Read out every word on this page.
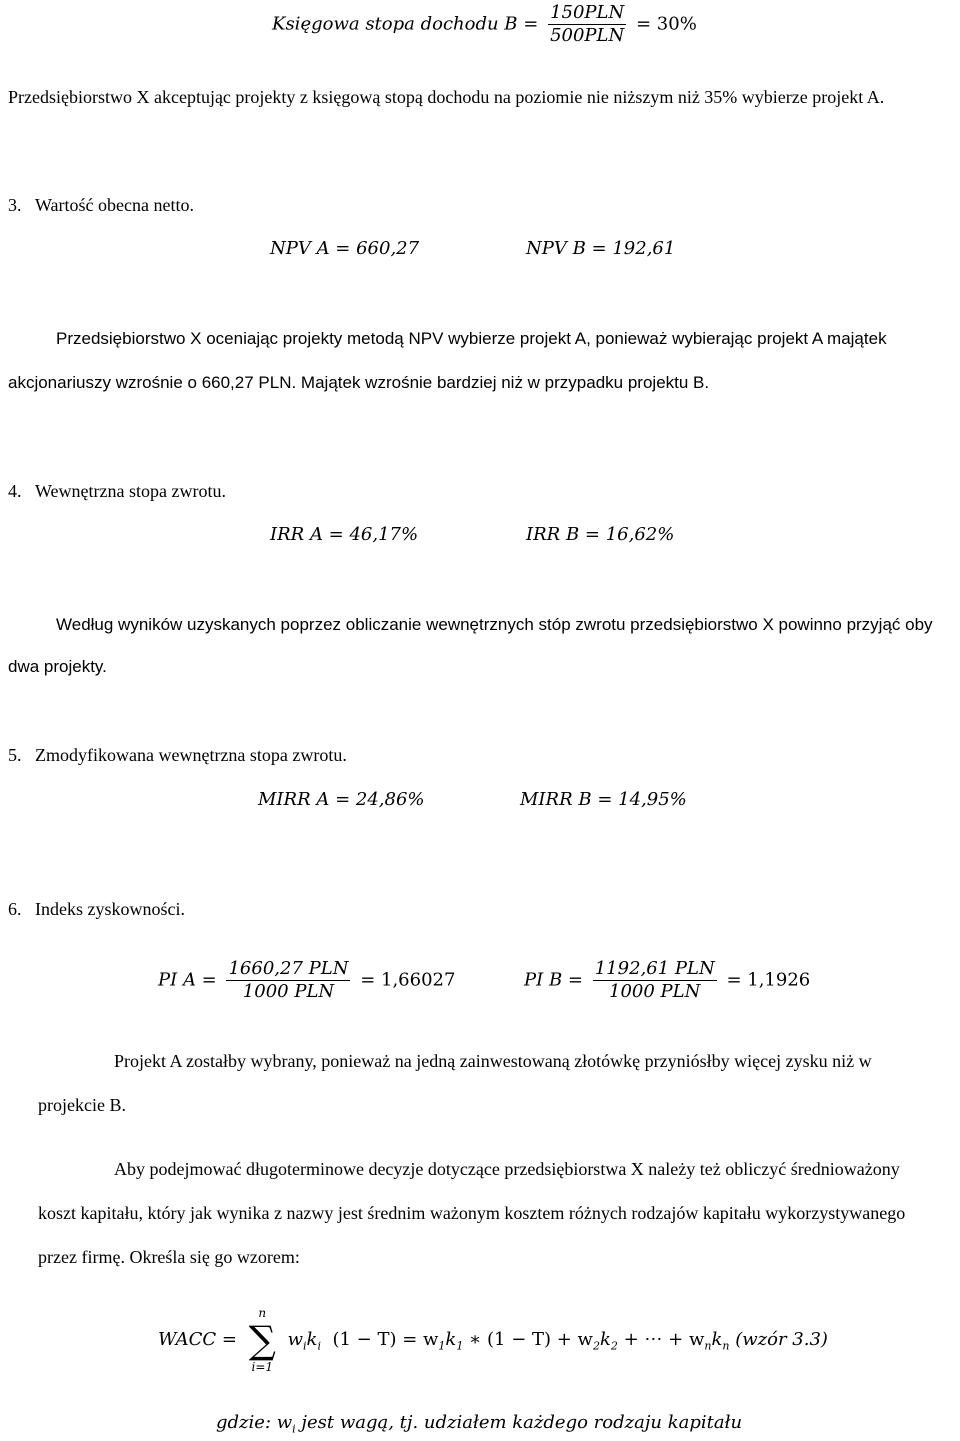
Księgowa stopa dochodu $B = \frac{\text{150PLN}}{\text{500PLN}} = 30\%$
Przedsiębiorstwo X akceptując projekty z księgową stopą dochodu na poziomie nie niższym niż 35% wybierze projekt A.
3.   Wartość obecna netto.
NPV A = 660,27	NPV B = 192,61
Przedsiębiorstwo X oceniając projekty metodą NPV wybierze projekt A, ponieważ wybierając projekt A majątek
akcjonariuszy wzrośnie o 660,27 PLN. Majątek wzrośnie bardziej niż w przypadku projektu B.
4.   Wewnętrzna stopa zwrotu.
IRR A = 46,17%	IRR B = 16,62%
Według wyników uzyskanych poprzez obliczanie wewnętrznych stóp zwrotu przedsiębiorstwo X powinno przyjąć oby
dwa projekty.
5.   Zmodyfikowana wewnętrzna stopa zwrotu.
MIRR A = 24,86%	MIRR B = 14,95%
6.   Indeks zyskowności.
PI $A = \frac{\text{1660,27 PLN}}{\text{1000 PLN}} = 1,66027$	PI $B = \frac{\text{1192,61 PLN}}{\text{1000 PLN}} = 1,1926$
Projekt A zostałby wybrany, ponieważ na jedną zainwestowaną złotówkę przyniósłby więcej zysku niż w
projekcie B.
Aby podejmować długoterminowe decyzje dotyczące przedsiębiorstwa X należy też obliczyć średnioważony
koszt kapitału, który jak wynika z nazwy jest średnim ważonym kosztem różnych rodzajów kapitału wykorzystywanego
przez firmę. Określa się go wzorem:
WACC =
n
∑
i=1
$w_ik_i$ $(1 - T) = w_1k_1$ ∗ $(1 - T) + w_2k_2$ + ⋯ + $w_nk_n$ (wzór 3.3)
gdzie: $w_i$ jest wagą, tj. udziałem każdego rodzaju kapitału
